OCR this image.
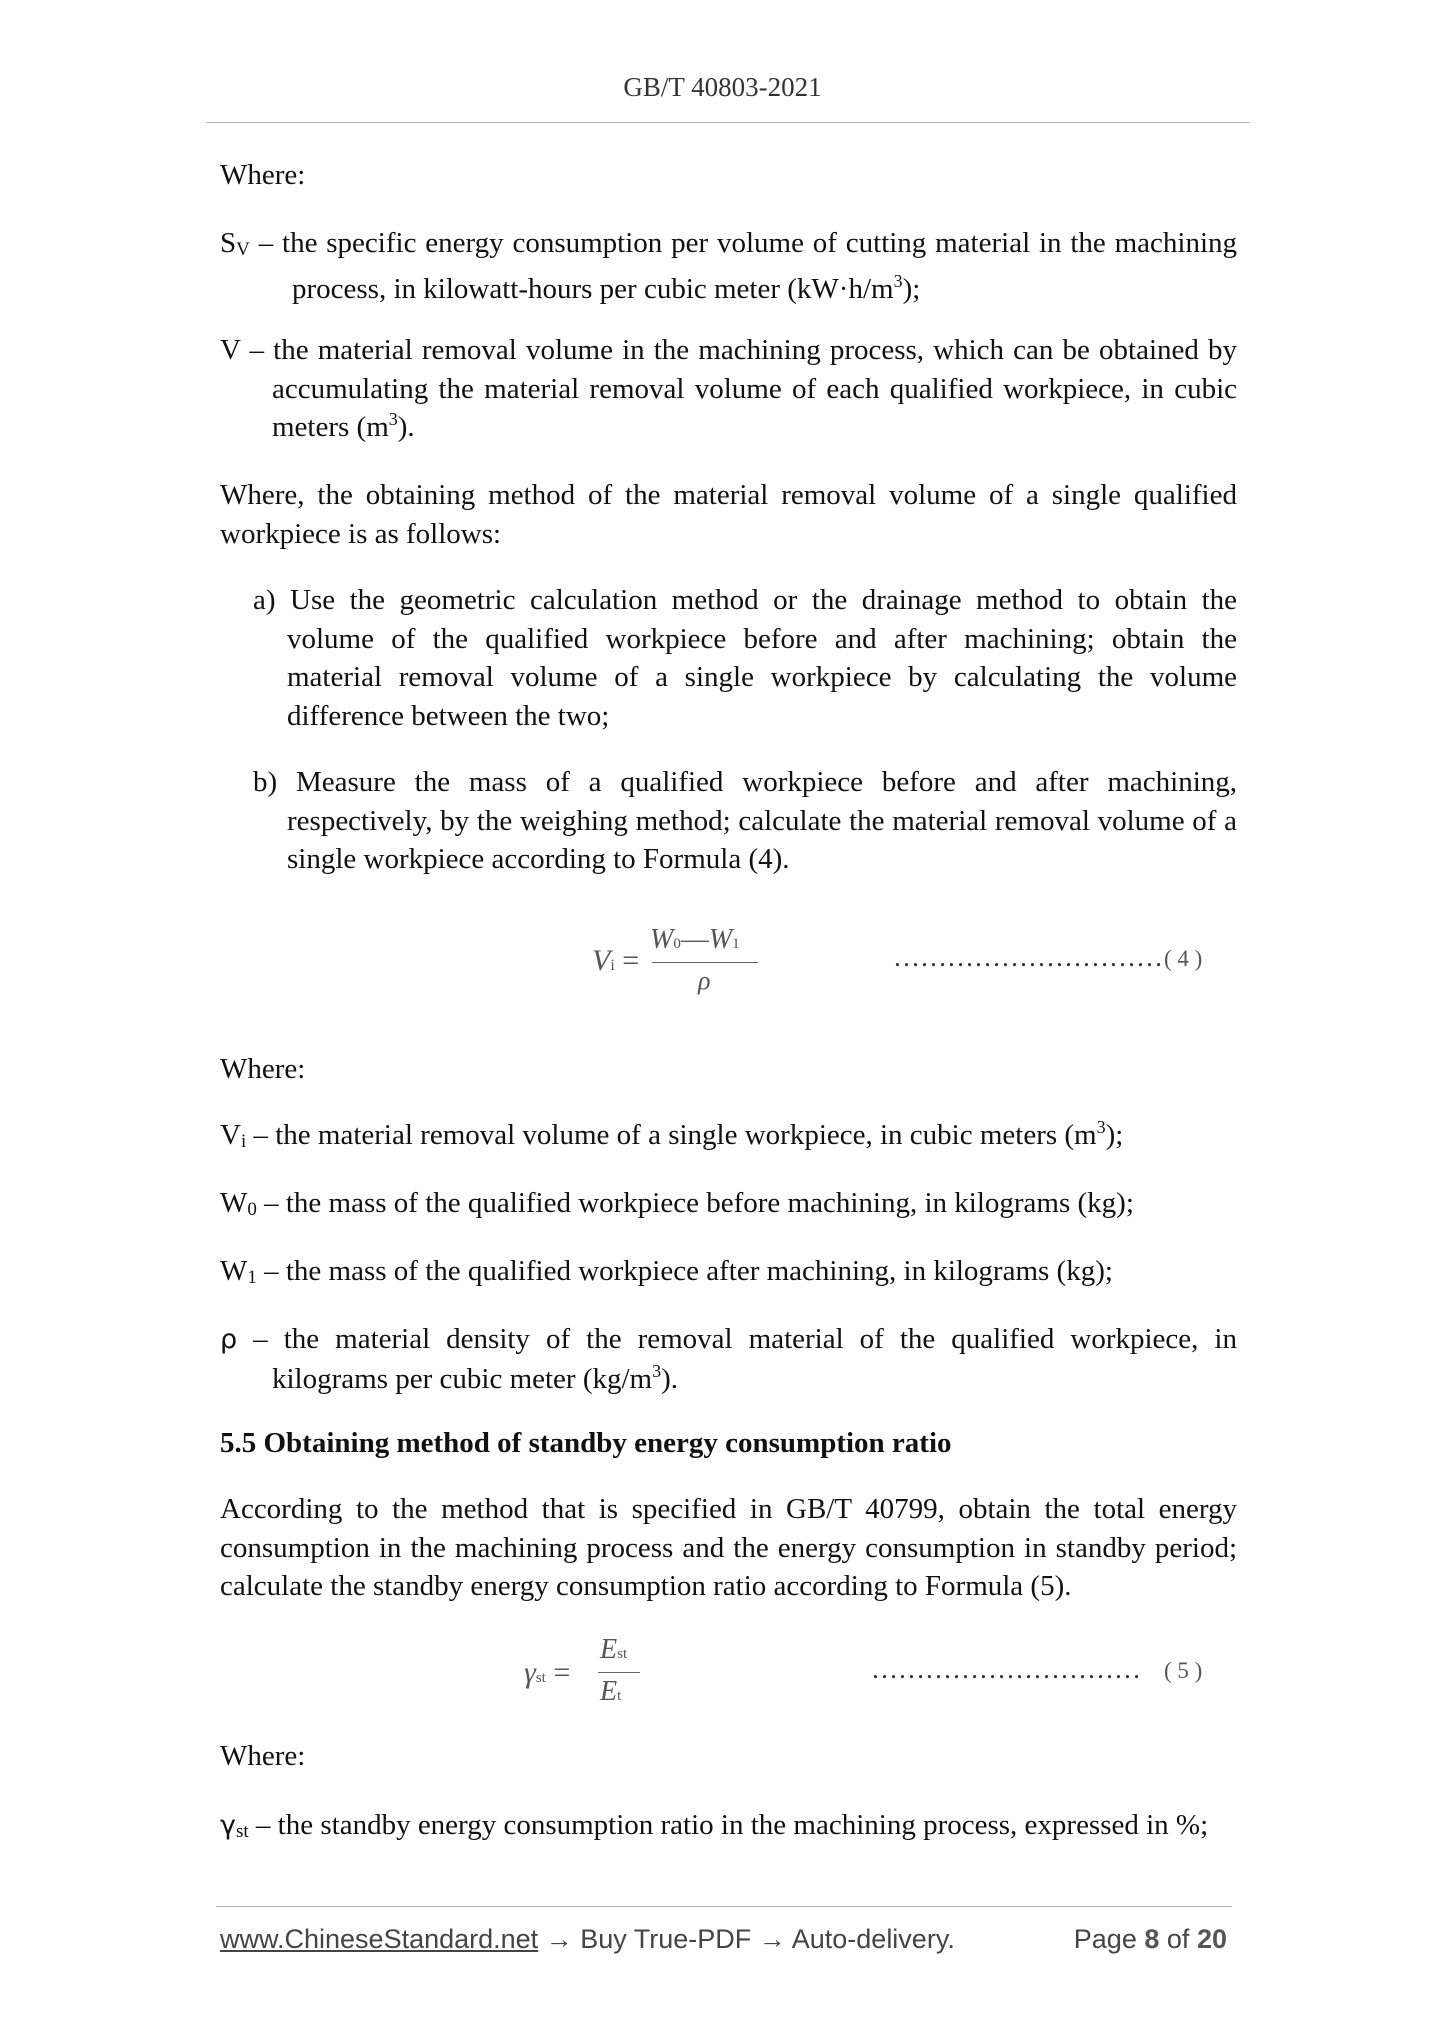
GB/T 40803-2021
Where:
SV – the specific energy consumption per volume of cutting material in the machining process, in kilowatt-hours per cubic meter $(kW\cdot h/m^3)$;
V – the material removal volume in the machining process, which can be obtained by accumulating the material removal volume of each qualified workpiece, in cubic meters $(m^3)$.
Where, the obtaining method of the material removal volume of a single qualified workpiece is as follows:
a) Use the geometric calculation method or the drainage method to obtain the volume of the qualified workpiece before and after machining; obtain the material removal volume of a single workpiece by calculating the volume difference between the two;
b) Measure the mass of a qualified workpiece before and after machining, respectively, by the weighing method; calculate the material removal volume of a single workpiece according to Formula (4).
Vi =
W0—W1
ρ
………………………… ( 4 )
Where:
Vi – the material removal volume of a single workpiece, in cubic meters $(m^3)$;
W0 – the mass of the qualified workpiece before machining, in kilograms (kg);
W1 – the mass of the qualified workpiece after machining, in kilograms (kg);
ρ – the material density of the removal material of the qualified workpiece, in kilograms per cubic meter $(kg/m^3)$.
5.5 Obtaining method of standby energy consumption ratio
According to the method that is specified in GB/T 40799, obtain the total energy consumption in the machining process and the energy consumption in standby period; calculate the standby energy consumption ratio according to Formula (5).
γst =
Est
Et
………………………… ( 5 )
Where:
γst – the standby energy consumption ratio in the machining process, expressed in %;
www.ChineseStandard.net → Buy True-PDF → Auto-delivery.	Page 8 of 20
